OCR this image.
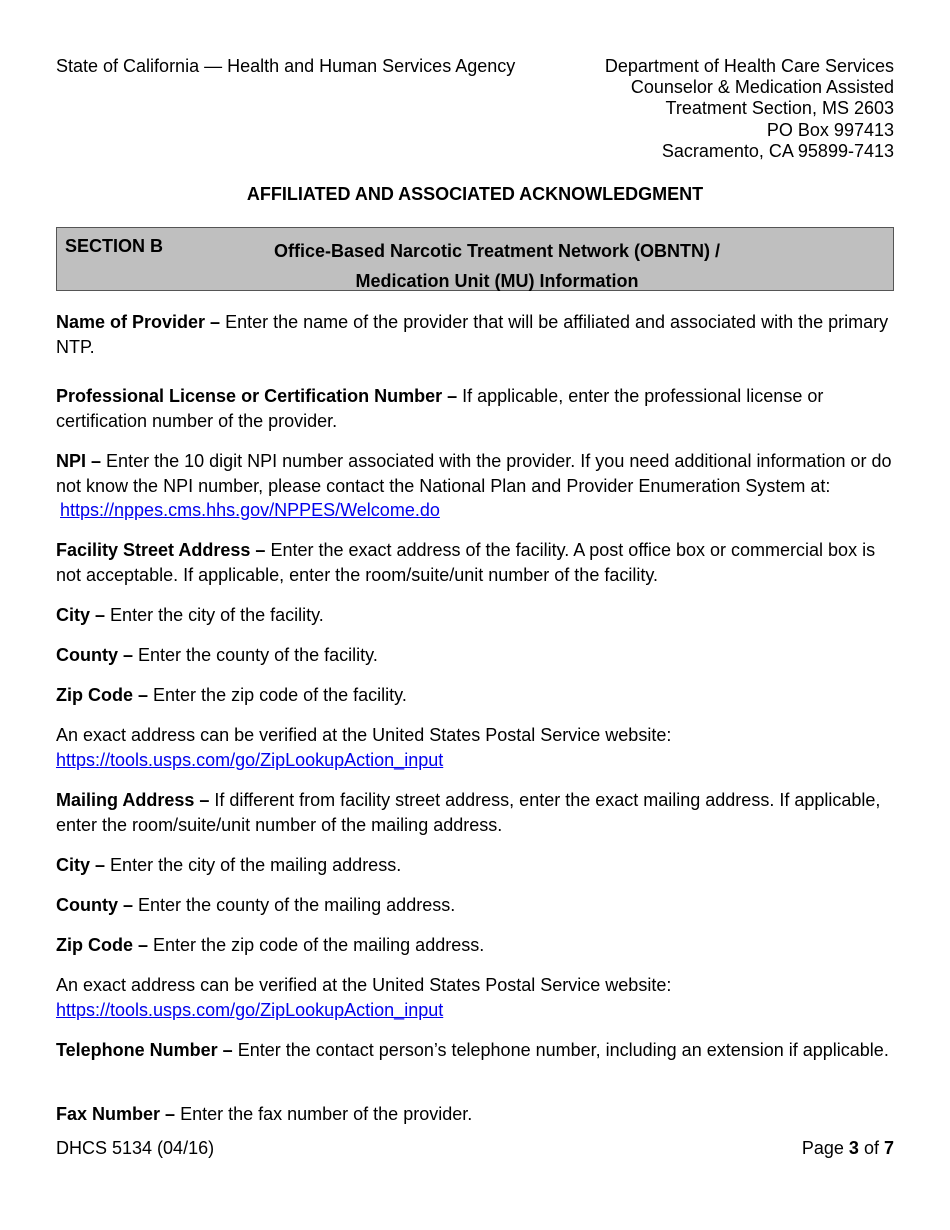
State of California — Health and Human Services Agency	Department of Health Care Services
Counselor & Medication Assisted
Treatment Section, MS 2603
PO Box 997413
Sacramento, CA 95899-7413
AFFILIATED AND ASSOCIATED ACKNOWLEDGMENT
SECTION B	Office-Based Narcotic Treatment Network (OBNTN) /
Medication Unit (MU) Information

Name of Provider – Enter the name of the provider that will be affiliated and associated with the primary NTP.

Professional License or Certification Number – If applicable, enter the professional license or certification number of the provider.

NPI – Enter the 10 digit NPI number associated with the provider. If you need additional information or do not know the NPI number, please contact the National Plan and Provider Enumeration System at: https://nppes.cms.hhs.gov/NPPES/Welcome.do

Facility Street Address – Enter the exact address of the facility. A post office box or commercial box is not acceptable. If applicable, enter the room/suite/unit number of the facility.

City – Enter the city of the facility.

County – Enter the county of the facility.

Zip Code – Enter the zip code of the facility.

An exact address can be verified at the United States Postal Service website:
https://tools.usps.com/go/ZipLookupAction_input

Mailing Address – If different from facility street address, enter the exact mailing address. If applicable, enter the room/suite/unit number of the mailing address.

City – Enter the city of the mailing address.

County – Enter the county of the mailing address.

Zip Code – Enter the zip code of the mailing address.

An exact address can be verified at the United States Postal Service website:
https://tools.usps.com/go/ZipLookupAction_input

Telephone Number – Enter the contact person’s telephone number, including an extension if applicable.

Fax Number – Enter the fax number of the provider.

DHCS 5134 (04/16)	Page 3 of 7
